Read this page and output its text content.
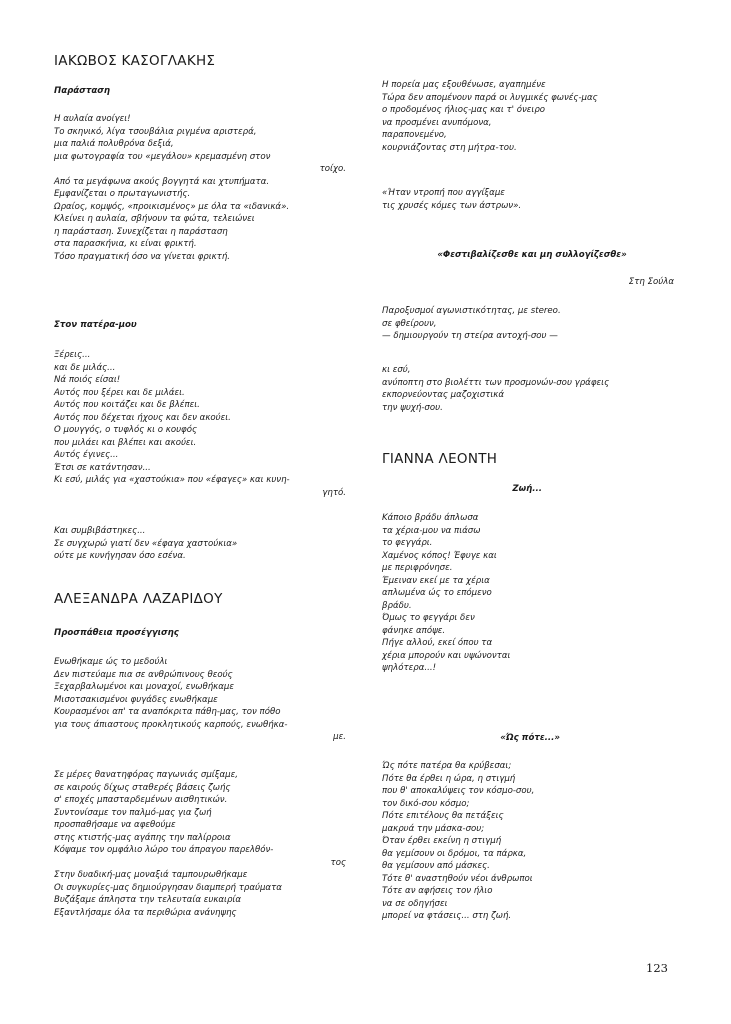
ΙΑΚΩΒΟΣ ΚΑΣΟΓΛΑΚΗΣ
Παράσταση
Η αυλαία ανοίγει!
Το σκηνικό, λίγα τσουβάλια ριγμένα αριστερά,
μια παλιά πολυθρόνα δεξιά,
μια φωτογραφία του «μεγάλου» κρεμασμένη στον
τοίχο.
Από τα μεγάφωνα ακούς βογγητά και χτυπήματα.
Εμφανίζεται ο πρωταγωνιστής.
Ωραίος, κομψός, «προικισμένος» με όλα τα «ιδανικά».
Κλείνει η αυλαία, σβήνουν τα φώτα, τελειώνει
η παράσταση. Συνεχίζεται η παράσταση
στα παρασκήνια, κι είναι φρικτή.
Τόσο πραγματική όσο να γίνεται φρικτή.
Στον πατέρα-μου
Ξέρεις...
και δε μιλάς...
Νά ποιός είσαι!
Αυτός που ξέρει και δε μιλάει.
Αυτός που κοιτάζει και δε βλέπει.
Αυτός που δέχεται ήχους και δεν ακούει.
Ο μουγγός, ο τυφλός κι ο κουφός
που μιλάει και βλέπει και ακούει.
Αυτός έγινες...
Έτσι σε κατάντησαν...
Κι εσύ, μιλάς για «χαστούκια» που «έφαγες» και κυνη-
γητό.
Και συμβιβάστηκες...
Σε συγχωρώ γιατί δεν «έφαγα χαστούκια»
ούτε με κυνήγησαν όσο εσένα.
ΑΛΕΞΑΝΔΡΑ ΛΑΖΑΡΙΔΟΥ
Προσπάθεια προσέγγισης
Ενωθήκαμε ώς το μεδούλι
Δεν πιστεύαμε πια σε ανθρώπινους θεούς
Ξεχαρβαλωμένοι και μοναχοί, ενωθήκαμε
Μισοτσακισμένοι φυγάδες ενωθήκαμε
Κουρασμένοι απ' τα αναπόκριτα πάθη-μας, τον πόθο
για τους άπιαστους προκλητικούς καρπούς, ενωθήκα-
με.
Σε μέρες θανατηφόρας παγωνιάς σμίξαμε,
σε καιρούς δίχως σταθερές βάσεις ζωής
σ' εποχές μπασταρδεμένων αισθητικών.
Συντονίσαμε τον παλμό-μας για ζωή
προσπαθήσαμε να αφεθούμε
στης κτιστής-μας αγάπης την παλίρροια
Κόψαμε τον ομφάλιο λώρο του άπραγου παρελθόν-
τος
Στην δυαδική-μας μοναξιά ταμπουρωθήκαμε
Οι συγκυρίες-μας δημιούργησαν διαμπερή τραύματα
Βυζάξαμε άπληστα την τελευταία ευκαιρία
Εξαντλήσαμε όλα τα περιθώρια ανάνηψης
Η πορεία μας εξουθένωσε, αγαπημένε
Τώρα δεν απομένουν παρά οι λυγμικές φωνές-μας
ο προδομένος ήλιος-μας και τ' όνειρο
να προσμένει ανυπόμονα,
παραπονεμένο,
κουρνιάζοντας στη μήτρα-του.
«Ήταν ντροπή που αγγίξαμε
τις χρυσές κόμες των άστρων».
«Φεστιβαλίζεσθε και μη συλλογίζεσθε»
Στη Σούλα
Παροξυσμοί αγωνιστικότητας, με stereo.
σε φθείρουν,
— δημιουργούν τη στείρα αντοχή-σου —
κι εσύ,
ανύποπτη στο βιολέττι των προσμονών-σου γράφεις
εκπορνεύοντας μαζοχιστικά
την ψυχή-σου.
ΓΙΑΝΝΑ ΛΕΟΝΤΗ
Ζωή...
Κάποιο βράδυ άπλωσα
τα χέρια-μου να πιάσω
το φεγγάρι.
Χαμένος κόπος! Έφυγε και
με περιφρόνησε.
Έμειναν εκεί με τα χέρια
απλωμένα ώς το επόμενο
βράδυ.
Όμως το φεγγάρι δεν
φάνηκε απόψε.
Πήγε αλλού, εκεί όπου τα
χέρια μπορούν και υψώνονται
ψηλότερα...!
«Ώς πότε...»
Ώς πότε πατέρα θα κρύβεσαι;
Πότε θα έρθει η ώρα, η στιγμή
που θ' αποκαλύψεις τον κόσμο-σου,
τον δικό-σου κόσμο;
Πότε επιτέλους θα πετάξεις
μακρυά την μάσκα-σου;
Όταν έρθει εκείνη η στιγμή
θα γεμίσουν οι δρόμοι, τα πάρκα,
θα γεμίσουν από μάσκες.
Τότε θ' αναστηθούν νέοι άνθρωποι
Τότε αν αφήσεις τον ήλιο
να σε οδηγήσει
μπορεί να φτάσεις... στη ζωή.
123
